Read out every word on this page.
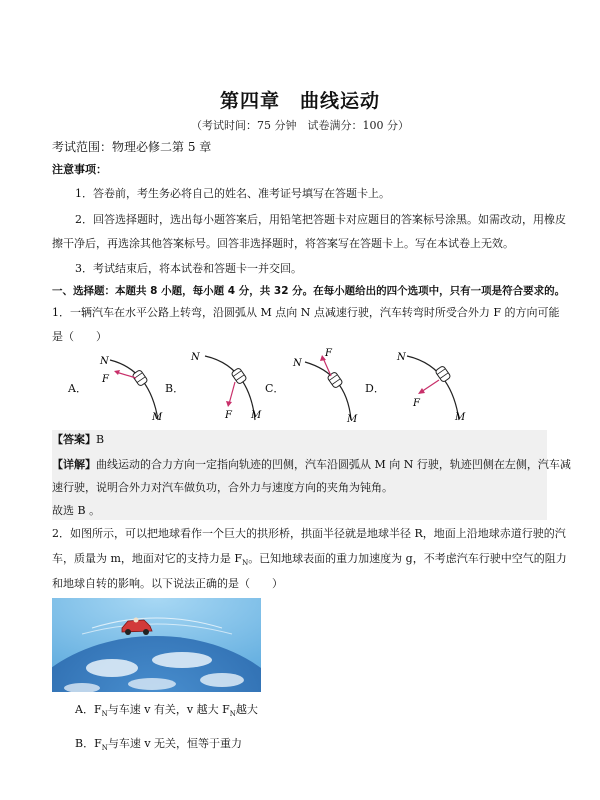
第四章　曲线运动
（考试时间：75 分钟　试卷满分：100 分）
考试范围：物理必修二第 5 章
注意事项：
1．答卷前，考生务必将自己的姓名、准考证号填写在答题卡上。
2．回答选择题时，选出每小题答案后，用铅笔把答题卡对应题目的答案标号涂黑。如需改动，用橡皮
擦干净后，再选涂其他答案标号。回答非选择题时，将答案写在答题卡上。写在本试卷上无效。
3．考试结束后，将本试卷和答题卡一并交回。
一、选择题：本题共 8 小题，每小题 4 分，共 32 分。在每小题给出的四个选项中，只有一项是符合要求的。
1．一辆汽车在水平公路上转弯，沿圆弧从 M 点向 N 点减速行驶，汽车转弯时所受合外力 F 的方向可能
是（　　）
A．
N
F
M
B．
N
F M
C．
F
N
M
D．
N
F
M
【答案】B
【详解】曲线运动的合力方向一定指向轨迹的凹侧，汽车沿圆弧从 M 向 N 行驶，轨迹凹侧在左侧，汽车减
速行驶，说明合外力对汽车做负功，合外力与速度方向的夹角为钝角。
故选 B 。
2．如图所示，可以把地球看作一个巨大的拱形桥，拱面半径就是地球半径 R，地面上沿地球赤道行驶的汽
车，质量为 m，地面对它的支持力是 $F_N$。已知地球表面的重力加速度为 g，不考虑汽车行驶中空气的阻力
和地球自转的影响。以下说法正确的是（　　）
A．$F_N$与车速 v 有关，v 越大 $F_N$越大
B．$F_N$与车速 v 无关，恒等于重力
